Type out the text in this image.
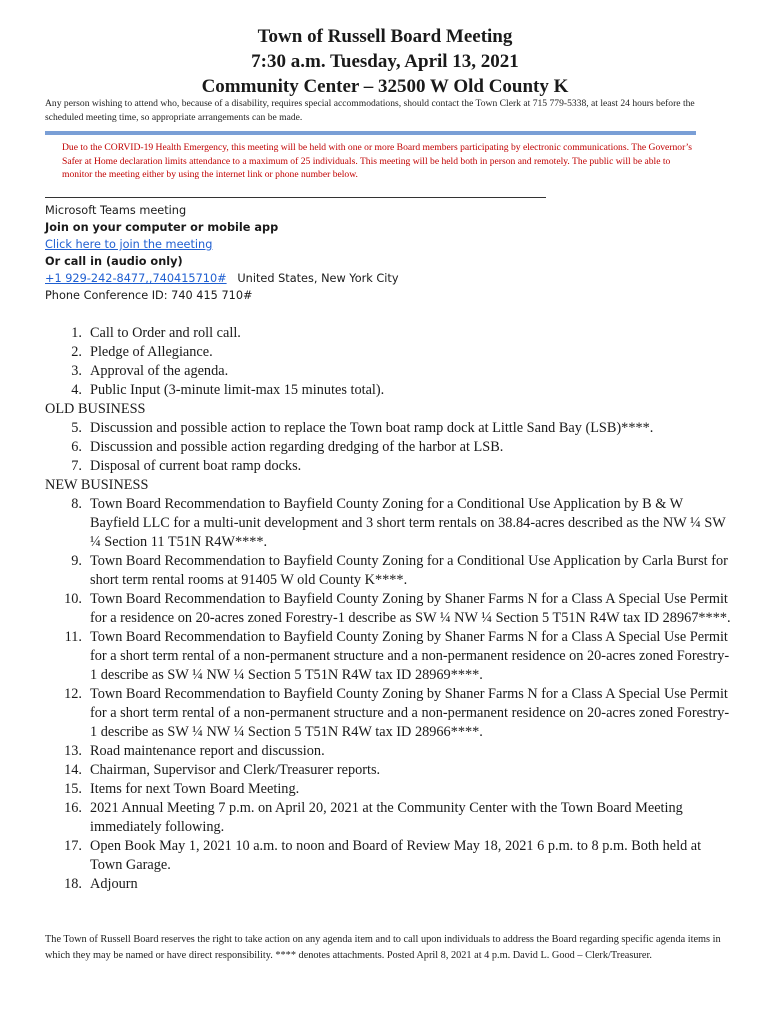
Town of Russell Board Meeting
7:30 a.m. Tuesday, April 13, 2021
Community Center – 32500 W Old County K
Any person wishing to attend who, because of a disability, requires special accommodations, should contact the Town Clerk at 715 779-5338, at least 24 hours before the scheduled meeting time, so appropriate arrangements can be made.
Due to the CORVID-19 Health Emergency, this meeting will be held with one or more Board members participating by electronic communications. The Governor’s Safer at Home declaration limits attendance to a maximum of 25 individuals. This meeting will be held both in person and remotely. The public will be able to monitor the meeting either by using the internet link or phone number below.
Microsoft Teams meeting
Join on your computer or mobile app
Click here to join the meeting
Or call in (audio only)
+1 929-242-8477,,740415710# United States, New York City
Phone Conference ID: 740 415 710#
1. Call to Order and roll call.
2. Pledge of Allegiance.
3. Approval of the agenda.
4. Public Input (3-minute limit-max 15 minutes total).
OLD BUSINESS
5. Discussion and possible action to replace the Town boat ramp dock at Little Sand Bay (LSB)****.
6. Discussion and possible action regarding dredging of the harbor at LSB.
7. Disposal of current boat ramp docks.
NEW BUSINESS
8. Town Board Recommendation to Bayfield County Zoning for a Conditional Use Application by B & W Bayfield LLC for a multi-unit development and 3 short term rentals on 38.84-acres described as the NW ¼ SW ¼ Section 11 T51N R4W****.
9. Town Board Recommendation to Bayfield County Zoning for a Conditional Use Application by Carla Burst for short term rental rooms at 91405 W old County K****.
10. Town Board Recommendation to Bayfield County Zoning by Shaner Farms N for a Class A Special Use Permit for a residence on 20-acres zoned Forestry-1 describe as SW ¼ NW ¼ Section 5 T51N R4W tax ID 28967****.
11. Town Board Recommendation to Bayfield County Zoning by Shaner Farms N for a Class A Special Use Permit for a short term rental of a non-permanent structure and a non-permanent residence on 20-acres zoned Forestry-1 describe as SW ¼ NW ¼ Section 5 T51N R4W tax ID 28969****.
12. Town Board Recommendation to Bayfield County Zoning by Shaner Farms N for a Class A Special Use Permit for a short term rental of a non-permanent structure and a non-permanent residence on 20-acres zoned Forestry-1 describe as SW ¼ NW ¼ Section 5 T51N R4W tax ID 28966****.
13. Road maintenance report and discussion.
14. Chairman, Supervisor and Clerk/Treasurer reports.
15. Items for next Town Board Meeting.
16. 2021 Annual Meeting 7 p.m. on April 20, 2021 at the Community Center with the Town Board Meeting immediately following.
17. Open Book May 1, 2021 10 a.m. to noon and Board of Review May 18, 2021 6 p.m. to 8 p.m. Both held at Town Garage.
18. Adjourn
The Town of Russell Board reserves the right to take action on any agenda item and to call upon individuals to address the Board regarding specific agenda items in which they may be named or have direct responsibility. **** denotes attachments. Posted April 8, 2021 at 4 p.m. David L. Good – Clerk/Treasurer.
